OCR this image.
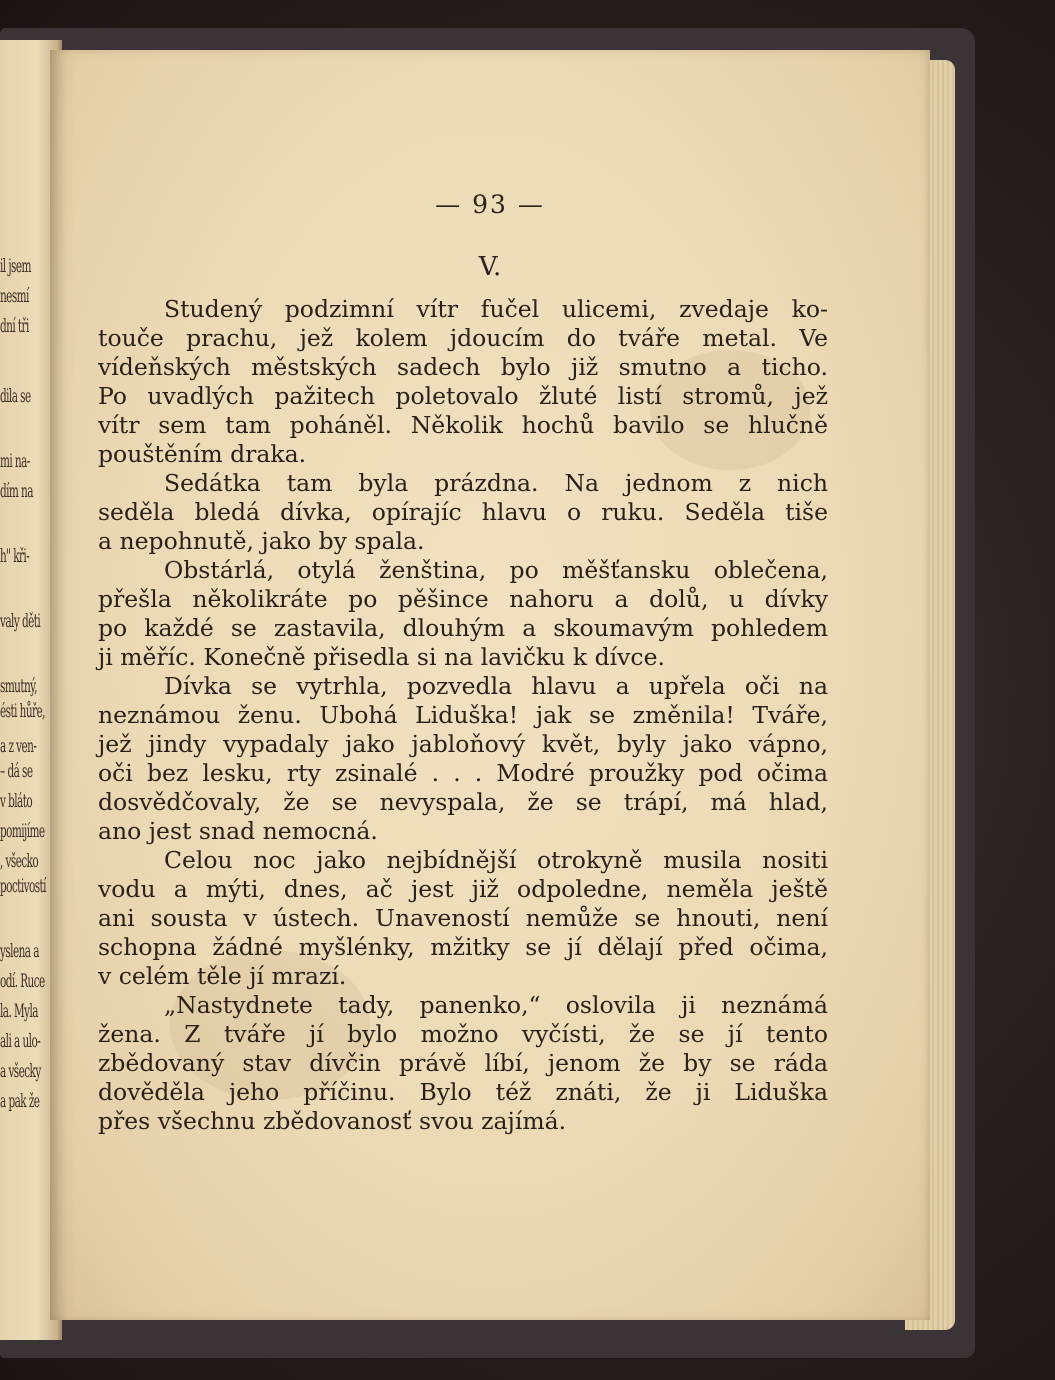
il jsem
nesmí
dní tři
dila se
mi na-
dím na
h" kři-
valy děti
smutný,
ésti hůře,
a z ven-
– dá se
v bláto
pomijíme
, všecko
poctivostí
yslena a
odí. Ruce
la. Myla
ali a ulo-
a všecky
a pak že
— 93 —
V.
Studený podzimní vítr fučel ulicemi, zvedaje ko-
touče prachu, jež kolem jdoucím do tváře metal. Ve
vídeňských městských sadech bylo již smutno a ticho.
Po uvadlých pažitech poletovalo žluté listí stromů, jež
vítr sem tam poháněl. Několik hochů bavilo se hlučně
pouštěním draka.
Sedátka tam byla prázdna. Na jednom z nich
seděla bledá dívka, opírajíc hlavu o ruku. Seděla tiše
a nepohnutě, jako by spala.
Obstárlá, otylá ženština, po měšťansku oblečena,
přešla několikráte po pěšince nahoru a dolů, u dívky
po každé se zastavila, dlouhým a skoumavým pohledem
ji měříc. Konečně přisedla si na lavičku k dívce.
Dívka se vytrhla, pozvedla hlavu a upřela oči na
neznámou ženu. Ubohá Liduška! jak se změnila! Tváře,
jež jindy vypadaly jako jabloňový květ, byly jako vápno,
oči bez lesku, rty zsinalé . . . Modré proužky pod očima
dosvědčovaly, že se nevyspala, že se trápí, má hlad,
ano jest snad nemocná.
Celou noc jako nejbídnější otrokyně musila nositi
vodu a mýti, dnes, ač jest již odpoledne, neměla ještě
ani sousta v ústech. Unaveností nemůže se hnouti, není
schopna žádné myšlénky, mžitky se jí dělají před očima,
v celém těle jí mrazí.
„Nastydnete tady, panenko,“ oslovila ji neznámá
žena. Z tváře jí bylo možno vyčísti, že se jí tento
zbědovaný stav dívčin právě líbí, jenom že by se ráda
dověděla jeho příčinu. Bylo též znáti, že ji Liduška
přes všechnu zbědovanosť svou zajímá.
